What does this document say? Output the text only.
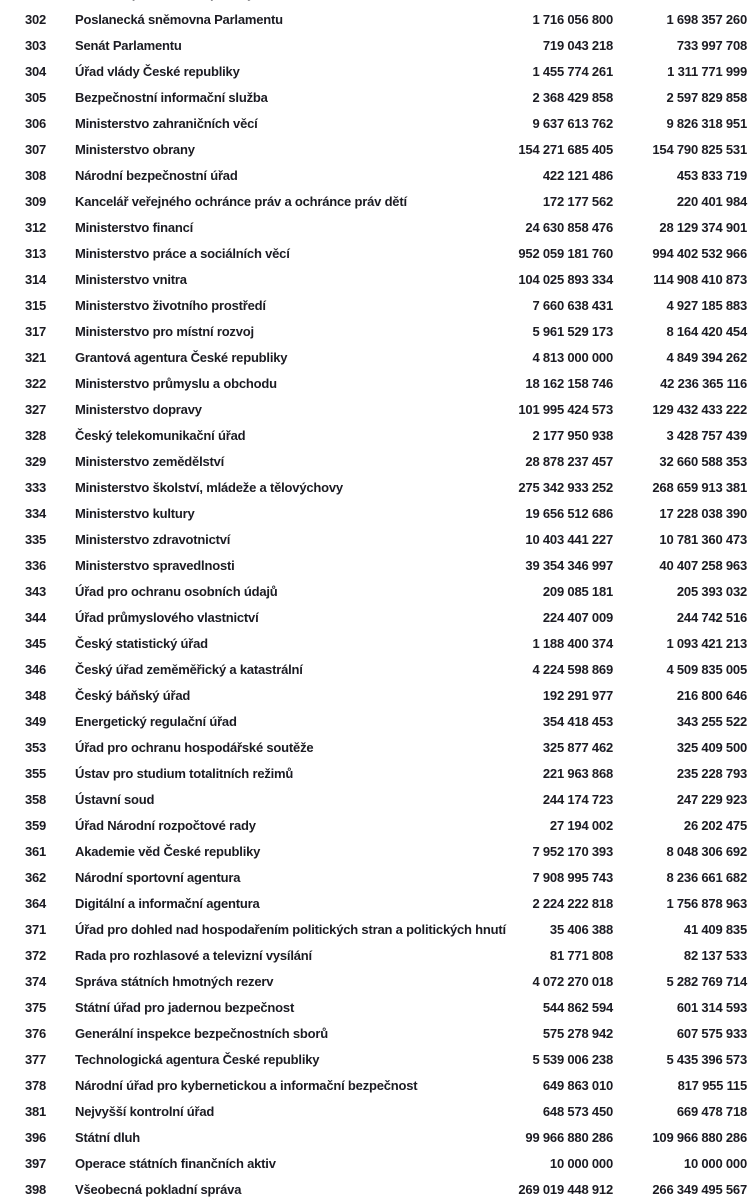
302	Poslanecká sněmovna Parlamentu	1 716 056 800	1 698 357 260
303	Senát Parlamentu	719 043 218	733 997 708
304	Úřad vlády České republiky	1 455 774 261	1 311 771 999
305	Bezpečnostní informační služba	2 368 429 858	2 597 829 858
306	Ministerstvo zahraničních věcí	9 637 613 762	9 826 318 951
307	Ministerstvo obrany	154 271 685 405	154 790 825 531
308	Národní bezpečnostní úřad	422 121 486	453 833 719
309	Kancelář veřejného ochránce práv a ochránce práv dětí	172 177 562	220 401 984
312	Ministerstvo financí	24 630 858 476	28 129 374 901
313	Ministerstvo práce a sociálních věcí	952 059 181 760	994 402 532 966
314	Ministerstvo vnitra	104 025 893 334	114 908 410 873
315	Ministerstvo životního prostředí	7 660 638 431	4 927 185 883
317	Ministerstvo pro místní rozvoj	5 961 529 173	8 164 420 454
321	Grantová agentura České republiky	4 813 000 000	4 849 394 262
322	Ministerstvo průmyslu a obchodu	18 162 158 746	42 236 365 116
327	Ministerstvo dopravy	101 995 424 573	129 432 433 222
328	Český telekomunikační úřad	2 177 950 938	3 428 757 439
329	Ministerstvo zemědělství	28 878 237 457	32 660 588 353
333	Ministerstvo školství, mládeže a tělovýchovy	275 342 933 252	268 659 913 381
334	Ministerstvo kultury	19 656 512 686	17 228 038 390
335	Ministerstvo zdravotnictví	10 403 441 227	10 781 360 473
336	Ministerstvo spravedlnosti	39 354 346 997	40 407 258 963
343	Úřad pro ochranu osobních údajů	209 085 181	205 393 032
344	Úřad průmyslového vlastnictví	224 407 009	244 742 516
345	Český statistický úřad	1 188 400 374	1 093 421 213
346	Český úřad zeměměřický a katastrální	4 224 598 869	4 509 835 005
348	Český báňský úřad	192 291 977	216 800 646
349	Energetický regulační úřad	354 418 453	343 255 522
353	Úřad pro ochranu hospodářské soutěže	325 877 462	325 409 500
355	Ústav pro studium totalitních režimů	221 963 868	235 228 793
358	Ústavní soud	244 174 723	247 229 923
359	Úřad Národní rozpočtové rady	27 194 002	26 202 475
361	Akademie věd České republiky	7 952 170 393	8 048 306 692
362	Národní sportovní agentura	7 908 995 743	8 236 661 682
364	Digitální a informační agentura	2 224 222 818	1 756 878 963
371	Úřad pro dohled nad hospodařením politických stran a politických hnutí	35 406 388	41 409 835
372	Rada pro rozhlasové a televizní vysílání	81 771 808	82 137 533
374	Správa státních hmotných rezerv	4 072 270 018	5 282 769 714
375	Státní úřad pro jadernou bezpečnost	544 862 594	601 314 593
376	Generální inspekce bezpečnostních sborů	575 278 942	607 575 933
377	Technologická agentura České republiky	5 539 006 238	5 435 396 573
378	Národní úřad pro kybernetickou a informační bezpečnost	649 863 010	817 955 115
381	Nejvyšší kontrolní úřad	648 573 450	669 478 718
396	Státní dluh	99 966 880 286	109 966 880 286
397	Operace státních finančních aktiv	10 000 000	10 000 000
398	Všeobecná pokladní správa	269 019 448 912	266 349 495 567
